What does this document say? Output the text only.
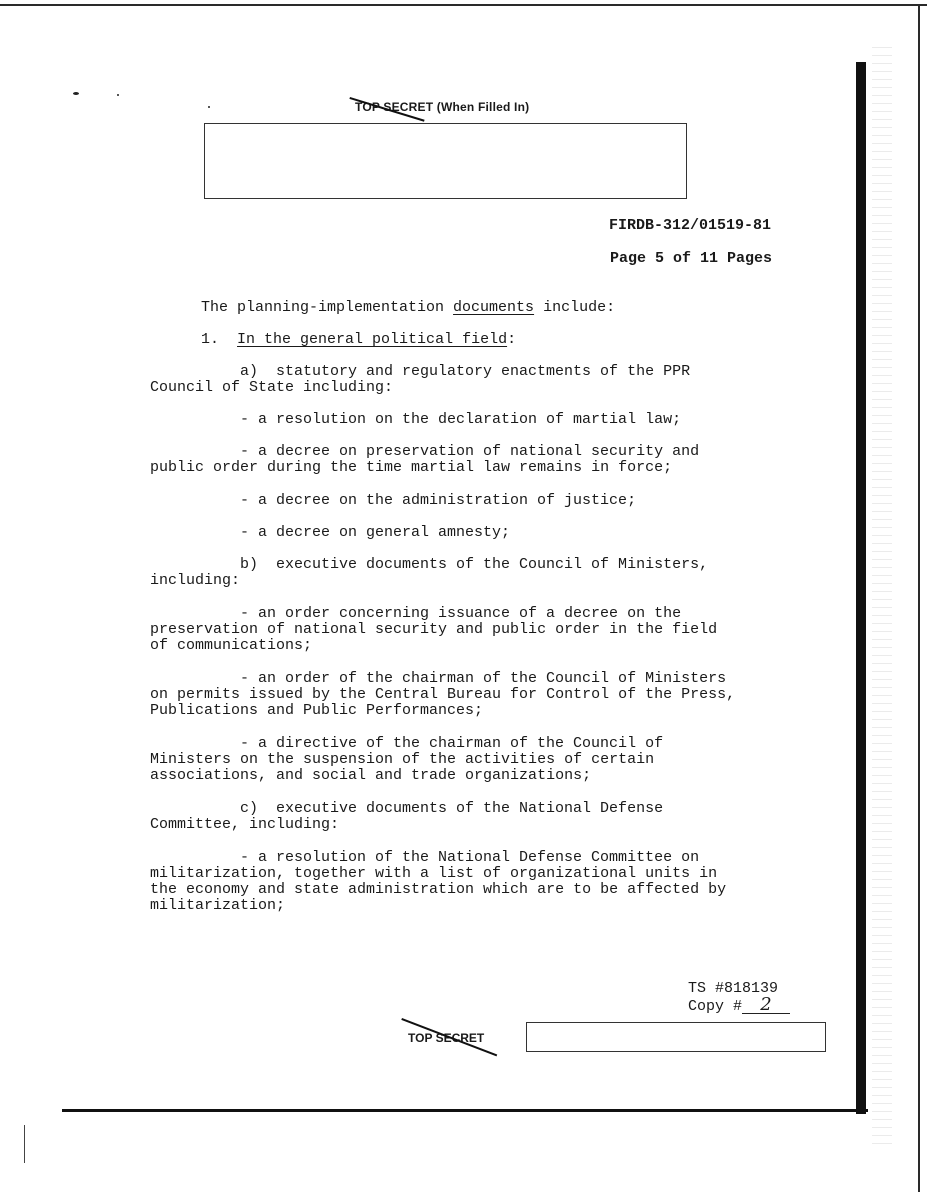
TOP SECRET (When Filled In)
FIRDB-312/01519-81
Page 5 of 11 Pages
The planning-implementation documents include:
1. In the general political field:
a)  statutory and regulatory enactments of the PPR
Council of State including:
- a resolution on the declaration of martial law;
- a decree on preservation of national security and
public order during the time martial law remains in force;
- a decree on the administration of justice;
- a decree on general amnesty;
b)  executive documents of the Council of Ministers,
including:
- an order concerning issuance of a decree on the
preservation of national security and public order in the field
of communications;
- an order of the chairman of the Council of Ministers
on permits issued by the Central Bureau for Control of the Press,
Publications and Public Performances;
- a directive of the chairman of the Council of
Ministers on the suspension of the activities of certain
associations, and social and trade organizations;
c)  executive documents of the National Defense
Committee, including:
- a resolution of the National Defense Committee on
militarization, together with a list of organizational units in
the economy and state administration which are to be affected by
militarization;
TS #818139
Copy # 2
TOP SECRET
